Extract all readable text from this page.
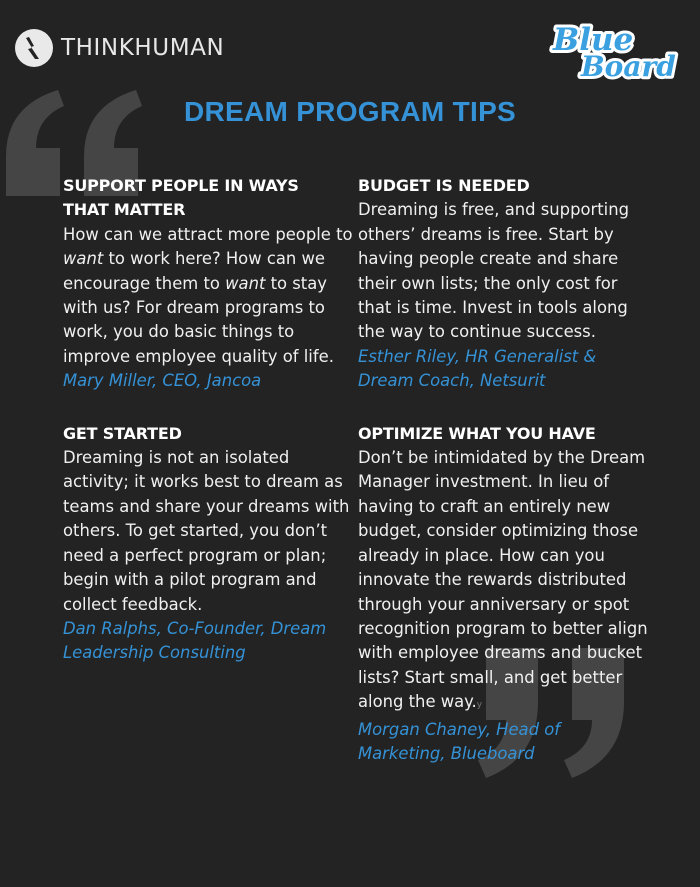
THINKHUMAN	Blue
Board
DREAM PROGRAM TIPS

SUPPORT PEOPLE IN WAYS
THAT MATTER

How can we attract more people to want to work here? How can we encourage them to want to stay with us? For dream programs to work, you do basic things to improve employee quality of life.

Mary Miller, CEO, Jancoa

GET STARTED

Dreaming is not an isolated activity; it works best to dream as teams and share your dreams with others. To get started, you don’t need a perfect program or plan; begin with a pilot program and collect feedback.

Dan Ralphs, Co-Founder, Dream Leadership Consulting

BUDGET IS NEEDED

Dreaming is free, and supporting others’ dreams is free. Start by having people create and share their own lists; the only cost for that is time. Invest in tools along the way to continue success.

Esther Riley, HR Generalist & Dream Coach, Netsurit

OPTIMIZE WHAT YOU HAVE

Don’t be intimidated by the Dream Manager investment. In lieu of having to craft an entirely new budget, consider optimizing those already in place. How can you innovate the rewards distributed through your anniversary or spot recognition program to better align with employee dreams and bucket lists? Start small, and get better along the way.y

Morgan Chaney, Head of Marketing, Blueboard
